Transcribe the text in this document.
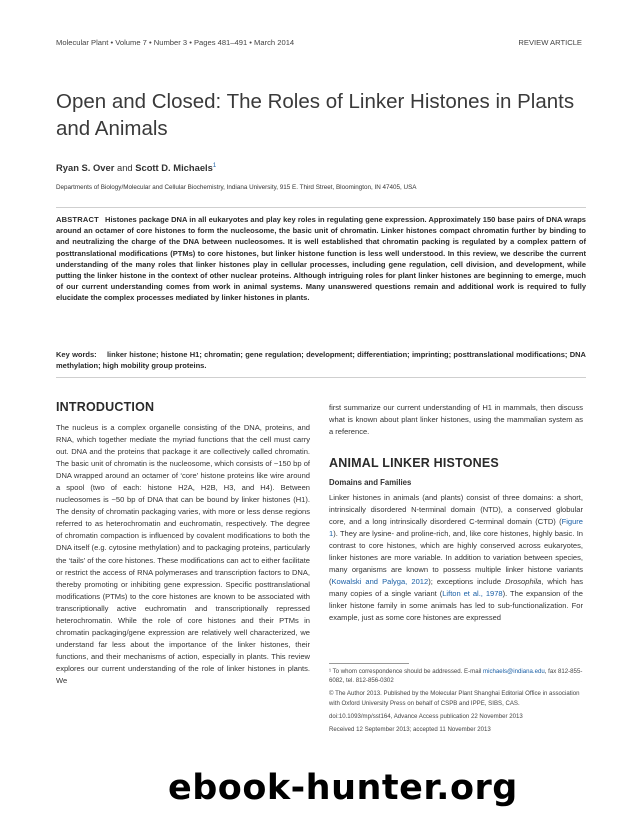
Molecular Plant • Volume 7 • Number 3 • Pages 481–491 • March 2014	REVIEW ARTICLE
Open and Closed: The Roles of Linker Histones in Plants and Animals
Ryan S. Over and Scott D. Michaels$^1$
Departments of Biology/Molecular and Cellular Biochemistry, Indiana University, 915 E. Third Street, Bloomington, IN 47405, USA

ABSTRACT Histones package DNA in all eukaryotes and play key roles in regulating gene expression. Approximately 150 base pairs of DNA wraps around an octamer of core histones to form the nucleosome, the basic unit of chromatin. Linker histones compact chromatin further by binding to and neutralizing the charge of the DNA between nucleosomes. It is well established that chromatin packing is regulated by a complex pattern of posttranslational modifications (PTMs) to core histones, but linker histone function is less well understood. In this review, we describe the current understanding of the many roles that linker histones play in cellular processes, including gene regulation, cell division, and development, while putting the linker histone in the context of other nuclear proteins. Although intriguing roles for plant linker histones are beginning to emerge, much of our current understanding comes from work in animal systems. Many unanswered questions remain and additional work is required to fully elucidate the complex processes mediated by linker histones in plants.

Key words: linker histone; histone H1; chromatin; gene regulation; development; differentiation; imprinting; posttranslational modifications; DNA methylation; high mobility group proteins.

INTRODUCTION

The nucleus is a complex organelle consisting of the DNA, proteins, and RNA, which together mediate the myriad functions that the cell must carry out. DNA and the proteins that package it are collectively called chromatin. The basic unit of chromatin is the nucleosome, which consists of ~150 bp of DNA wrapped around an octamer of ‘core’ histone proteins like wire around a spool (two of each: histone H2A, H2B, H3, and H4). Between nucleosomes is ~50 bp of DNA that can be bound by linker histones (H1). The density of chromatin packaging varies, with more or less dense regions referred to as heterochromatin and euchromatin, respectively. The degree of chromatin compaction is influenced by covalent modifications to both the DNA itself (e.g. cytosine methylation) and to packaging proteins, particularly the ‘tails’ of the core histones. These modifications can act to either facilitate or restrict the access of RNA polymerases and transcription factors to DNA, thereby promoting or inhibiting gene expression. Specific posttranslational modifications (PTMs) to the core histones are known to be associated with transcriptionally active euchromatin and transcriptionally repressed heterochromatin. While the role of core histones and their PTMs in chromatin packaging/gene expression are relatively well characterized, we understand far less about the importance of the linker histones, their functions, and their mechanisms of action, especially in plants. This review explores our current understanding of the role of linker histones in plants. We

first summarize our current understanding of H1 in mammals, then discuss what is known about plant linker histones, using the mammalian system as a reference.

ANIMAL LINKER HISTONES
Domains and Families

Linker histones in animals (and plants) consist of three domains: a short, intrinsically disordered N-terminal domain (NTD), a conserved globular core, and a long intrinsically disordered C-terminal domain (CTD) (Figure 1). They are lysine- and proline-rich, and, like core histones, highly basic. In contrast to core histones, which are highly conserved across eukaryotes, linker histones are more variable. In addition to variation between species, many organisms are known to possess multiple linker histone variants (Kowalski and Palyga, 2012); exceptions include Drosophila, which has many copies of a single variant (Lifton et al., 1978). The expansion of the linker histone family in some animals has led to sub-functionalization. For example, just as some core histones are expressed

¹ To whom correspondence should be addressed. E-mail michaels@indiana.edu, fax 812-855-6082, tel. 812-856-0302

© The Author 2013. Published by the Molecular Plant Shanghai Editorial Office in association with Oxford University Press on behalf of CSPB and IPPE, SIBS, CAS.

doi:10.1093/mp/sst164, Advance Access publication 22 November 2013

Received 12 September 2013; accepted 11 November 2013

ebook-hunter.org
